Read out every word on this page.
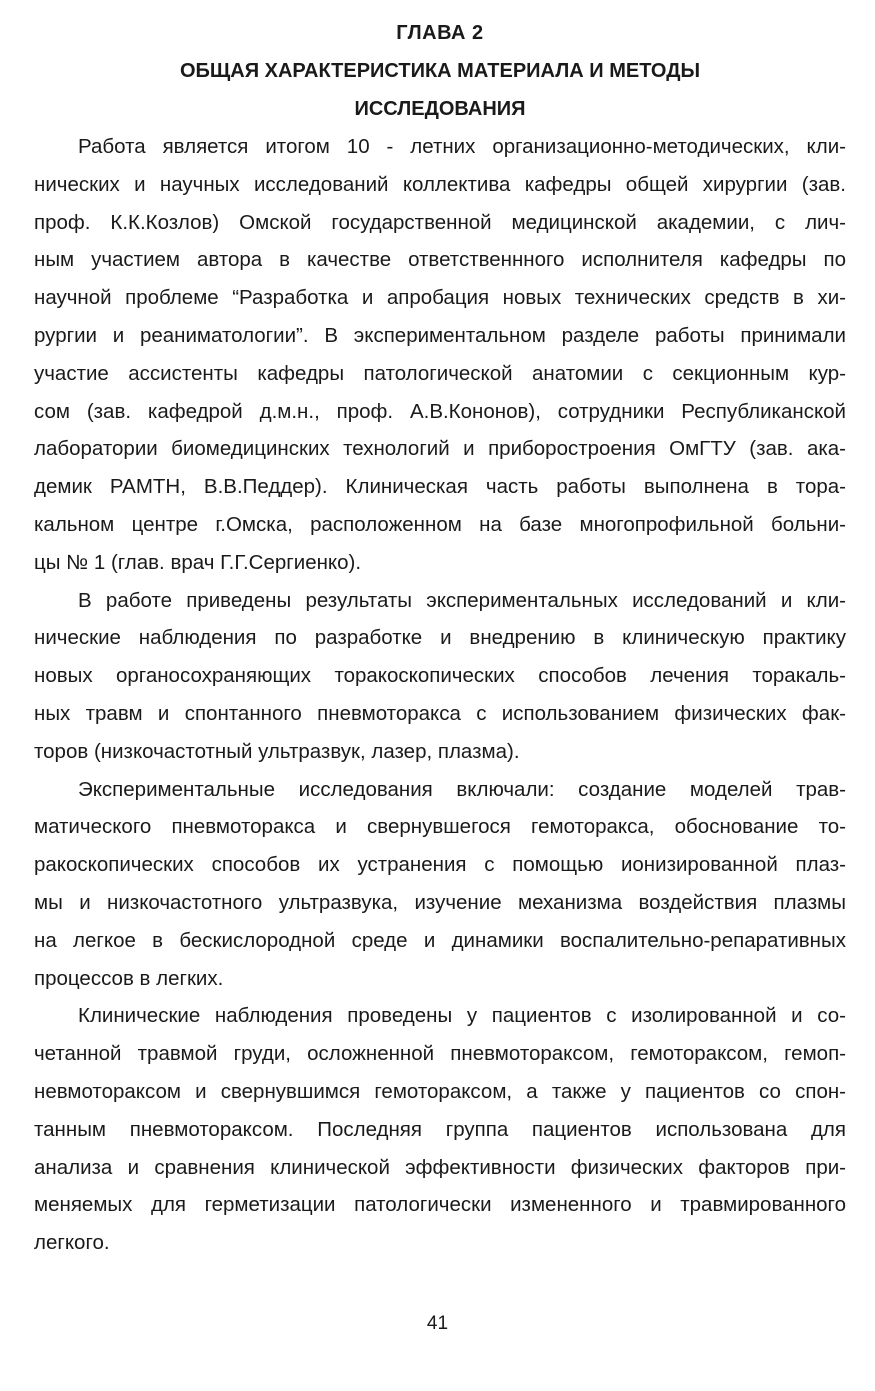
ГЛАВА 2
ОБЩАЯ ХАРАКТЕРИСТИКА МАТЕРИАЛА И МЕТОДЫ
ИССЛЕДОВАНИЯ

Работа является итогом 10 - летних организационно-методических, кли-
нических и научных исследований коллектива кафедры общей хирургии (зав.
проф. К.К.Козлов) Омской государственной медицинской академии, с лич-
ным участием автора в качестве ответственнного исполнителя кафедры по
научной проблеме “Разработка и апробация новых технических средств в хи-
рургии и реаниматологии”. В экспериментальном разделе работы принимали
участие ассистенты кафедры патологической анатомии с секционным кур-
сом (зав. кафедрой д.м.н., проф. А.В.Кононов), сотрудники Республиканской
лаборатории биомедицинских технологий и приборостроения ОмГТУ (зав. ака-
демик РАМТН, В.В.Педдер). Клиническая часть работы выполнена в тора-
кальном центре г.Омска, расположенном на базе многопрофильной больни-
цы № 1 (глав. врач Г.Г.Сергиенко).

В работе приведены результаты экспериментальных исследований и кли-
нические наблюдения по разработке и внедрению в клиническую практику
новых органосохраняющих торакоскопических способов лечения торакаль-
ных травм и спонтанного пневмоторакса с использованием физических фак-
торов (низкочастотный ультразвук, лазер, плазма).

Экспериментальные исследования включали: создание моделей трав-
матического пневмоторакса и свернувшегося гемоторакса, обоснование то-
ракоскопических способов их устранения с помощью ионизированной плаз-
мы и низкочастотного ультразвука, изучение механизма воздействия плазмы
на легкое в бескислородной среде и динамики воспалительно-репаративных
процессов в легких.

Клинические наблюдения проведены у пациентов с изолированной и со-
четанной травмой груди, осложненной пневмотораксом, гемотораксом, гемоп-
невмотораксом и свернувшимся гемотораксом, а также у пациентов со спон-
танным пневмотораксом. Последняя группа пациентов использована для
анализа и сравнения клинической эффективности физических факторов при-
меняемых для герметизации патологически измененного и травмированного
легкого.

41
